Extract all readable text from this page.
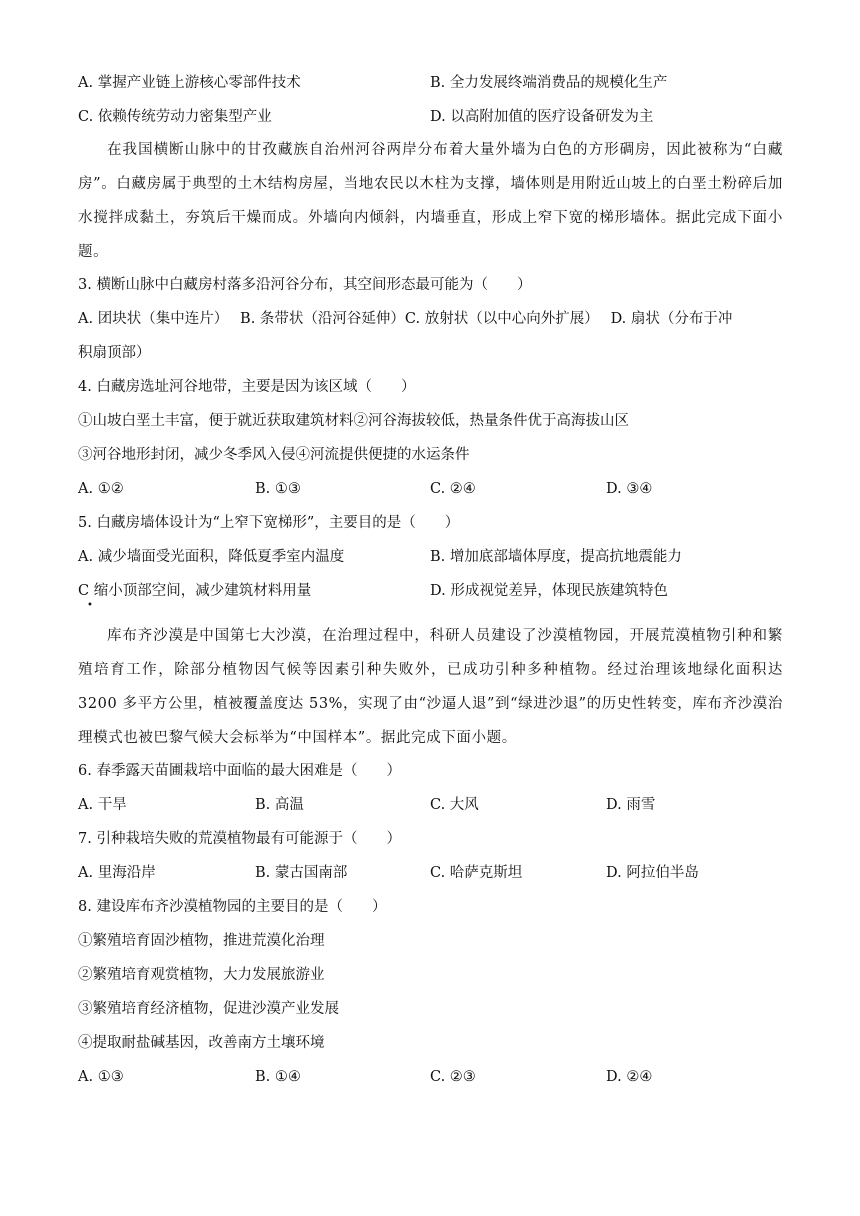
A. 掌握产业链上游核心零部件技术	B. 全力发展终端消费品的规模化生产
C. 依赖传统劳动力密集型产业	D. 以高附加值的医疗设备研发为主
在我国横断山脉中的甘孜藏族自治州河谷两岸分布着大量外墙为白色的方形碉房，因此被称为“白藏房”。白藏房属于典型的土木结构房屋，当地农民以木柱为支撑，墙体则是用附近山坡上的白垩土粉碎后加水搅拌成黏土，夯筑后干燥而成。外墙向内倾斜，内墙垂直，形成上窄下宽的梯形墙体。据此完成下面小题。
3. 横断山脉中白藏房村落多沿河谷分布，其空间形态最可能为（　　）
A. 团块状（集中连片）　 B. 条带状（沿河谷延伸）C. 放射状（以中心向外扩展）　 D. 扇状（分布于冲
积扇顶部）
4. 白藏房选址河谷地带，主要是因为该区域（　　）
①山坡白垩土丰富，便于就近获取建筑材料②河谷海拔较低，热量条件优于高海拔山区
③河谷地形封闭，减少冬季风入侵④河流提供便捷的水运条件
A. ①②	B. ①③	C. ②④	D. ③④
5. 白藏房墙体设计为“上窄下宽梯形”，主要目的是（　　）
A. 减少墙面受光面积，降低夏季室内温度	B. 增加底部墙体厚度，提高抗地震能力
C 缩小顶部空间，减少建筑材料用量	D. 形成视觉差异，体现民族建筑特色
•
库布齐沙漠是中国第七大沙漠，在治理过程中，科研人员建设了沙漠植物园，开展荒漠植物引种和繁殖培育工作，除部分植物因气候等因素引种失败外，已成功引种多种植物。经过治理该地绿化面积达 3200 多平方公里，植被覆盖度达 53%，实现了由“沙逼人退”到“绿进沙退”的历史性转变，库布齐沙漠治理模式也被巴黎气候大会标举为“中国样本”。据此完成下面小题。
6. 春季露天苗圃栽培中面临的最大困难是（　　）
A. 干旱	B. 高温	C. 大风	D. 雨雪
7. 引种栽培失败的荒漠植物最有可能源于（　　）
A. 里海沿岸	B. 蒙古国南部	C. 哈萨克斯坦	D. 阿拉伯半岛
8. 建设库布齐沙漠植物园的主要目的是（　　）
①繁殖培育固沙植物，推进荒漠化治理
②繁殖培育观赏植物，大力发展旅游业
③繁殖培育经济植物，促进沙漠产业发展
④提取耐盐碱基因，改善南方土壤环境
A. ①③	B. ①④	C. ②③	D. ②④
